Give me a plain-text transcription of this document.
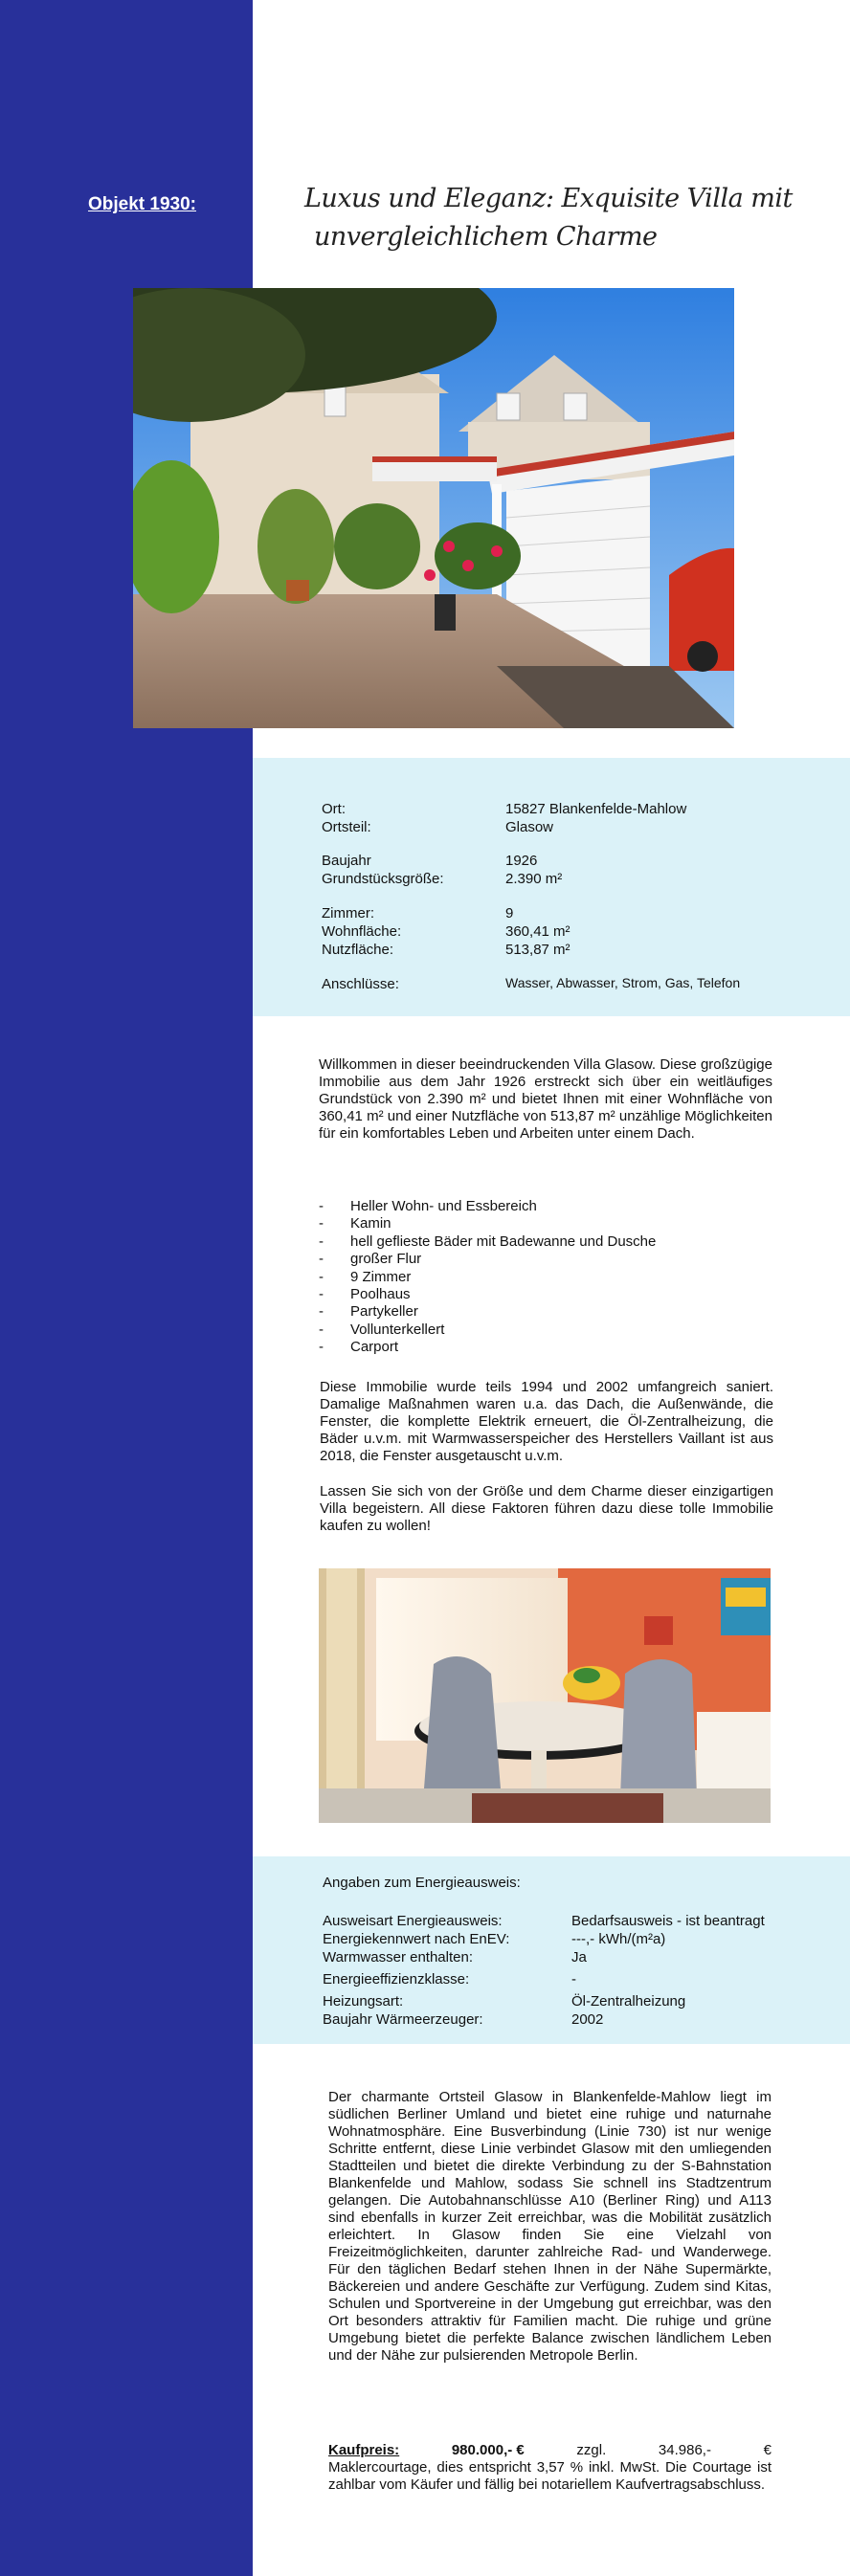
Objekt 1930:	Luxus und Eleganz: Exquisite Villa mit
unvergleichlichem Charme
Ort:	15827 Blankenfelde-Mahlow
Ortsteil:	Glasow
Baujahr	1926
Grundstücksgröße:	2.390 m²
Zimmer:	9
Wohnfläche:	360,41 m²
Nutzfläche:	513,87 m²
Anschlüsse:	Wasser, Abwasser, Strom, Gas, Telefon
Willkommen in dieser beeindruckenden Villa Glasow. Diese großzügige Immobilie aus dem Jahr 1926 erstreckt sich über ein weitläufiges Grundstück von 2.390 m² und bietet Ihnen mit einer Wohnfläche von 360,41 m² und einer Nutzfläche von 513,87 m² unzählige Möglichkeiten für ein komfortables Leben und Arbeiten unter einem Dach.
- Heller Wohn- und Essbereich
- Kamin
- hell geflieste Bäder mit Badewanne und Dusche
- großer Flur
- 9 Zimmer
- Poolhaus
- Partykeller
- Vollunterkellert
- Carport
Diese Immobilie wurde teils 1994 und 2002 umfangreich saniert. Damalige Maßnahmen waren u.a. das Dach, die Außenwände, die Fenster, die komplette Elektrik erneuert, die Öl-Zentralheizung, die Bäder u.v.m. mit Warmwasserspeicher des Herstellers Vaillant ist aus 2018, die Fenster ausgetauscht u.v.m.
Lassen Sie sich von der Größe und dem Charme dieser einzigartigen Villa begeistern. All diese Faktoren führen dazu diese tolle Immobilie kaufen zu wollen!
Angaben zum Energieausweis:
Ausweisart Energieausweis:	Bedarfsausweis - ist beantragt
Energiekennwert nach EnEV:	---,- kWh/(m²a)
Warmwasser enthalten:	Ja
Energieeffizienzklasse:	-
Heizungsart:	Öl-Zentralheizung
Baujahr Wärmeerzeuger:	2002
Der charmante Ortsteil Glasow in Blankenfelde-Mahlow liegt im südlichen Berliner Umland und bietet eine ruhige und naturnahe Wohnatmosphäre. Eine Busverbindung (Linie 730) ist nur wenige Schritte entfernt, diese Linie verbindet Glasow mit den umliegenden Stadtteilen und bietet die direkte Verbindung zu der S-Bahnstation Blankenfelde und Mahlow, sodass Sie schnell ins Stadtzentrum gelangen. Die Autobahnanschlüsse A10 (Berliner Ring) und A113 sind ebenfalls in kurzer Zeit erreichbar, was die Mobilität zusätzlich erleichtert. In Glasow finden Sie eine Vielzahl von Freizeitmöglichkeiten, darunter zahlreiche Rad- und Wanderwege. Für den täglichen Bedarf stehen Ihnen in der Nähe Supermärkte, Bäckereien und andere Geschäfte zur Verfügung. Zudem sind Kitas, Schulen und Sportvereine in der Umgebung gut erreichbar, was den Ort besonders attraktiv für Familien macht. Die ruhige und grüne Umgebung bietet die perfekte Balance zwischen ländlichem Leben und der Nähe zur pulsierenden Metropole Berlin.
Kaufpreis:	980.000,- €	zzgl.	34.986,-	€
Maklercourtage, dies entspricht 3,57 % inkl. MwSt. Die Courtage ist zahlbar vom Käufer und fällig bei notariellem Kaufvertragsabschluss.
